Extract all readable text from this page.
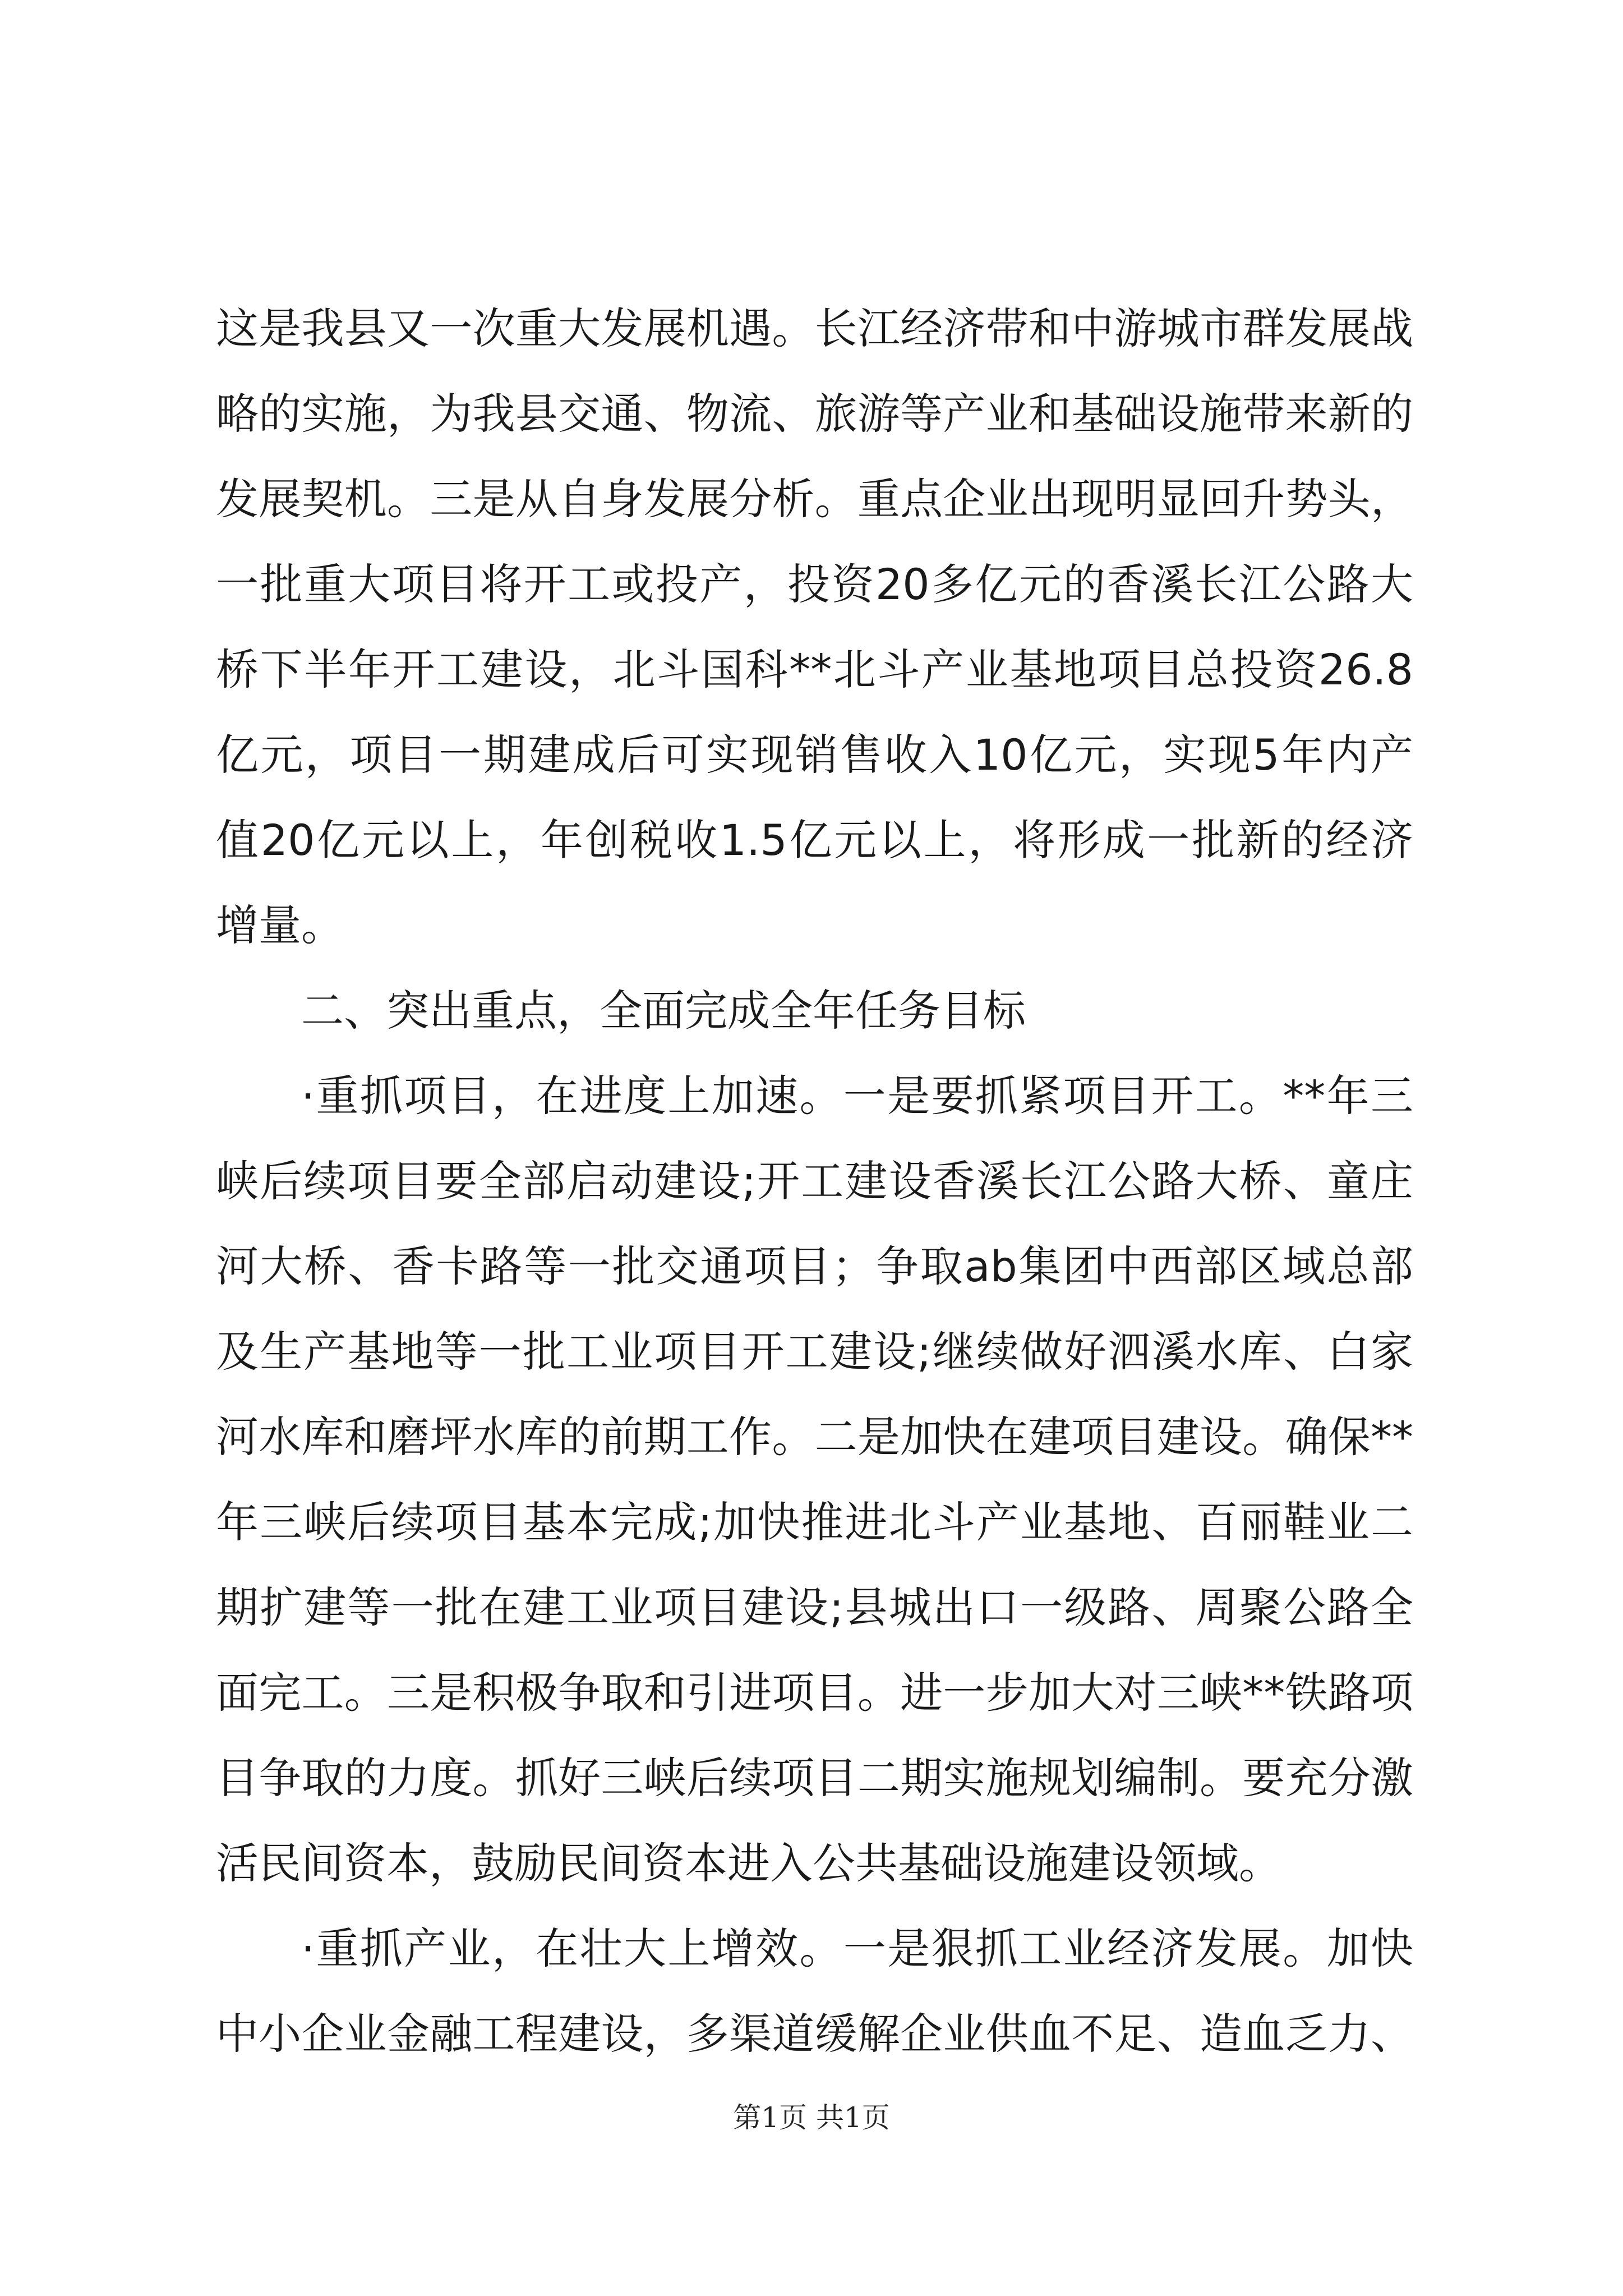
这是我县又一次重大发展机遇。长江经济带和中游城市群发展战
略的实施，为我县交通、物流、旅游等产业和基础设施带来新的
发展契机。三是从自身发展分析。重点企业出现明显回升势头，
一批重大项目将开工或投产，投资20多亿元的香溪长江公路大
桥下半年开工建设，北斗国科**北斗产业基地项目总投资26.8
亿元，项目一期建成后可实现销售收入10亿元，实现5年内产
值20亿元以上，年创税收1.5亿元以上，将形成一批新的经济
增量。
二、突出重点，全面完成全年任务目标
·重抓项目，在进度上加速。一是要抓紧项目开工。**年三
峡后续项目要全部启动建设;开工建设香溪长江公路大桥、童庄
河大桥、香卡路等一批交通项目；争取ab集团中西部区域总部
及生产基地等一批工业项目开工建设;继续做好泗溪水库、白家
河水库和磨坪水库的前期工作。二是加快在建项目建设。确保**
年三峡后续项目基本完成;加快推进北斗产业基地、百丽鞋业二
期扩建等一批在建工业项目建设;县城出口一级路、周聚公路全
面完工。三是积极争取和引进项目。进一步加大对三峡**铁路项
目争取的力度。抓好三峡后续项目二期实施规划编制。要充分激
活民间资本，鼓励民间资本进入公共基础设施建设领域。
·重抓产业，在壮大上增效。一是狠抓工业经济发展。加快
中小企业金融工程建设，多渠道缓解企业供血不足、造血乏力、
第1页 共1页
